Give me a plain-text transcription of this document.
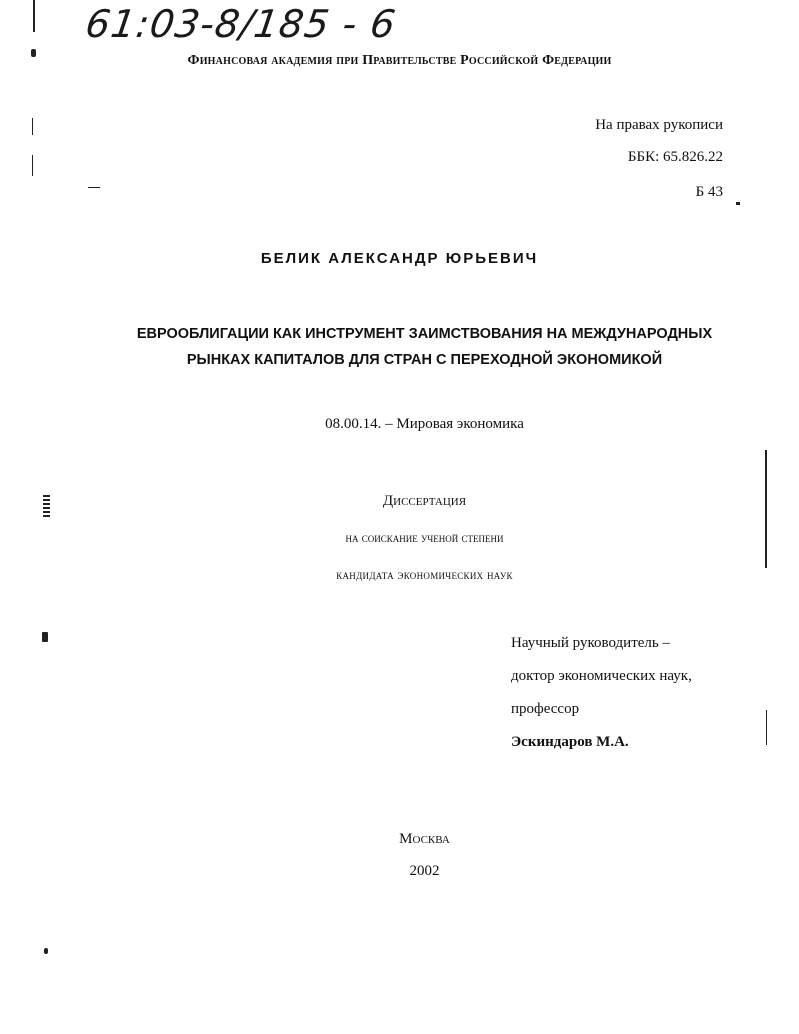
61:03-8/185 - 6
Финансовая академия при Правительстве Российской Федерации
На правах рукописи
ББК: 65.826.22
Б 43
БЕЛИК АЛЕКСАНДР ЮРЬЕВИЧ
ЕВРООБЛИГАЦИИ КАК ИНСТРУМЕНТ ЗАИМСТВОВАНИЯ НА МЕЖДУНАРОДНЫХ
РЫНКАХ КАПИТАЛОВ ДЛЯ СТРАН С ПЕРЕХОДНОЙ ЭКОНОМИКОЙ
08.00.14. – Мировая экономика
Диссертация
на соискание ученой степени
кандидата экономических наук
Научный руководитель –
доктор экономических наук,
профессор
Эскиндаров М.А.
Москва
2002
